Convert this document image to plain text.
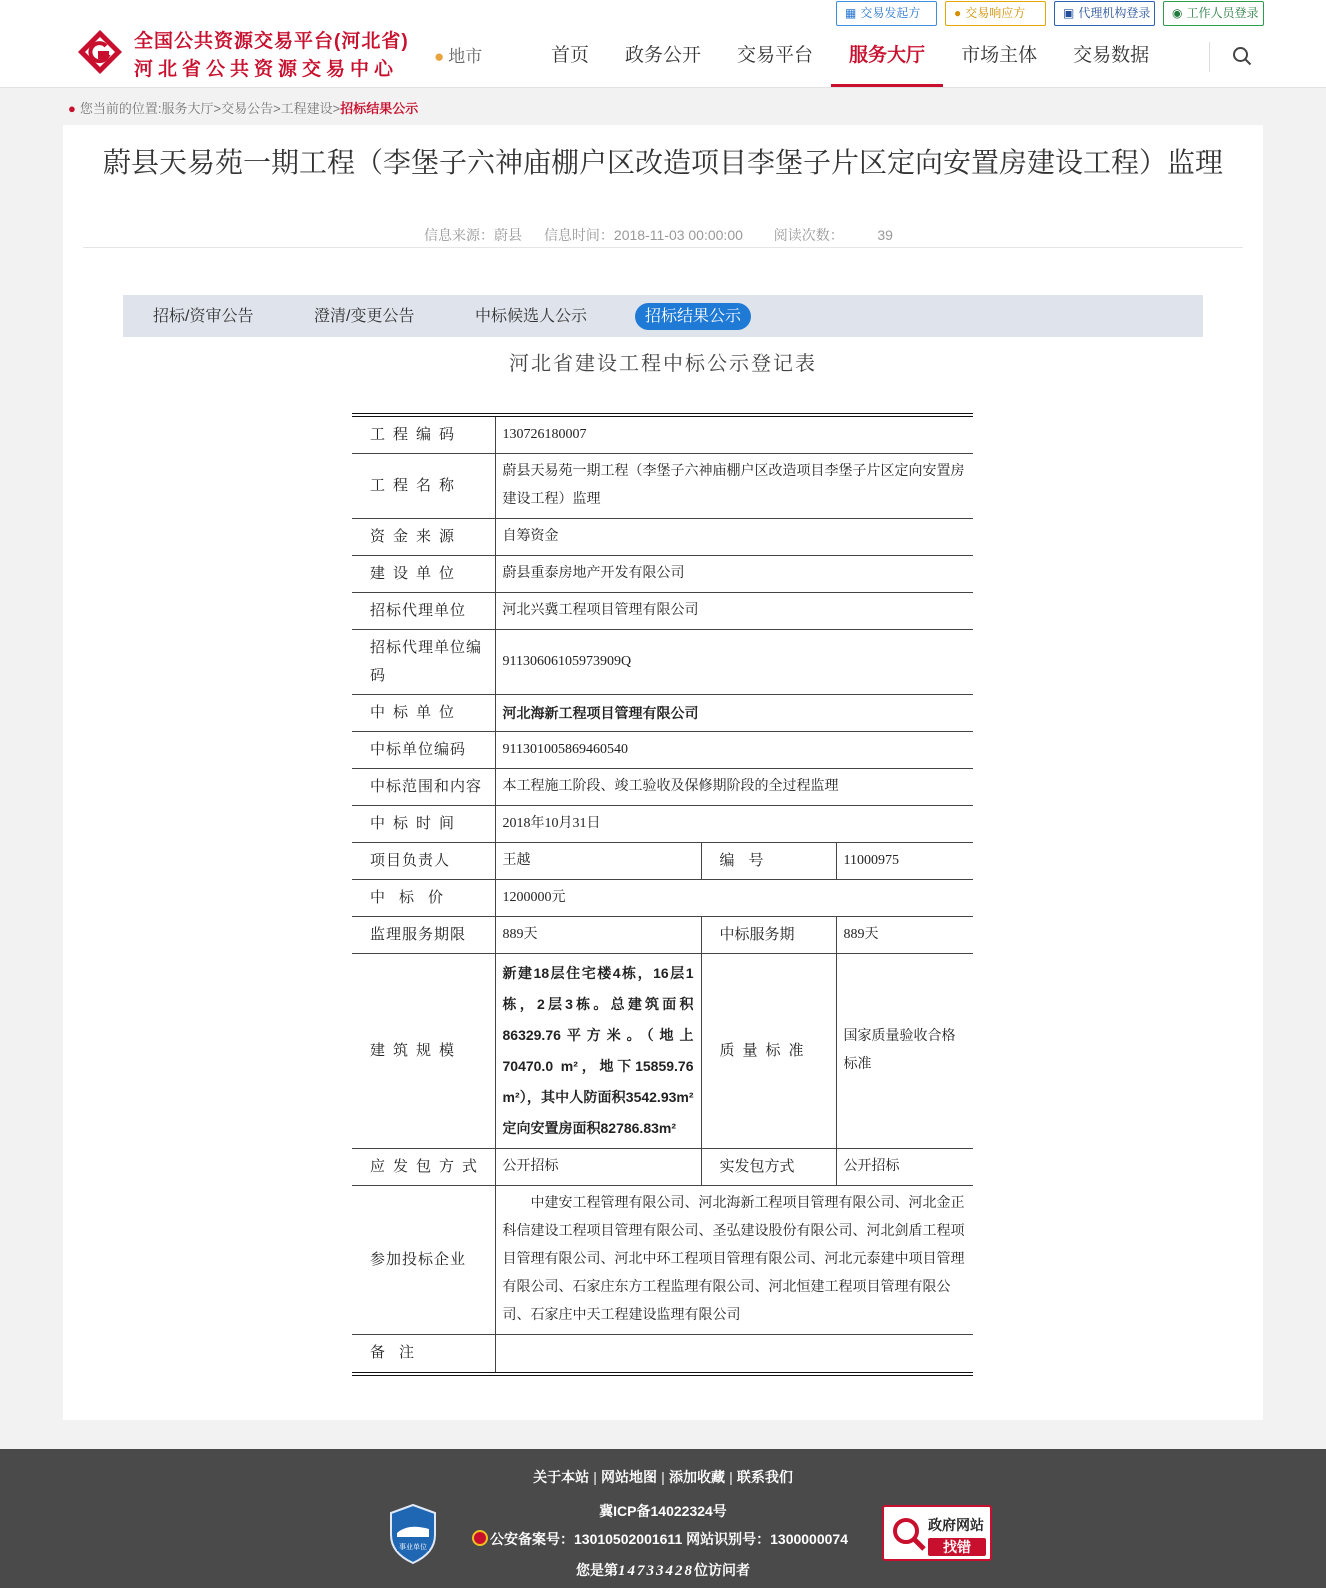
全国公共资源交易平台(河北省)
河北省公共资源交易中心
● 地市
▦ 交易发起方	● 交易响应方	▣ 代理机构登录	◉ 工作人员登录
首页	政务公开	交易平台	服务大厅	市场主体	交易数据
● 您当前的位置:服务大厅>交易公告>工程建设>招标结果公示
蔚县天易苑一期工程（李堡子六神庙棚户区改造项目李堡子片区定向安置房建设工程）监理
信息来源：蔚县 信息时间：2018-11-03 00:00:00 阅读次数： 39
招标/资审公告	澄清/变更公告	中标候选人公示	招标结果公示
河北省建设工程中标公示登记表
工程编码	130726180007		
工程名称	蔚县天易苑一期工程（李堡子六神庙棚户区改造项目李堡子片区定向安置房建设工程）监理		
资金来源	自筹资金		
建设单位	蔚县重泰房地产开发有限公司		
招标代理单位	河北兴冀工程项目管理有限公司		
招标代理单位编码	91130606105973909Q		
中标单位	河北海新工程项目管理有限公司		
中标单位编码	911301005869460540		
中标范围和内容	本工程施工阶段、竣工验收及保修期阶段的全过程监理		
中标时间	2018年10月31日		
项目负责人	王越	编号	11000975
中标价	1200000元		
监理服务期限	889天	中标服务期	889天
建筑规模	新建18层住宅楼4栋，16层1栋，2层3栋。总建筑面积86329.76平方米。（地上70470.0 m²，地下15859.76 m²），其中人防面积3542.93m²定向安置房面积82786.83m²	质量标准	国家质量验收合格标准
应发包方式	公开招标	实发包方式	公开招标
参加投标企业	中建安工程管理有限公司、河北海新工程项目管理有限公司、河北金正科信建设工程项目管理有限公司、圣弘建设股份有限公司、河北剑盾工程项目管理有限公司、河北中环工程项目管理有限公司、河北元泰建中项目管理有限公司、石家庄东方工程监理有限公司、河北恒建工程项目管理有限公司、石家庄中天工程建设监理有限公司		
备注			
关于本站 | 网站地图 | 添加收藏 | 联系我们
事业单位
冀ICP备14022324号
公安备案号：13010502001611 网站识别号：1300000074
您是第14733428位访问者
政府网站
找错
